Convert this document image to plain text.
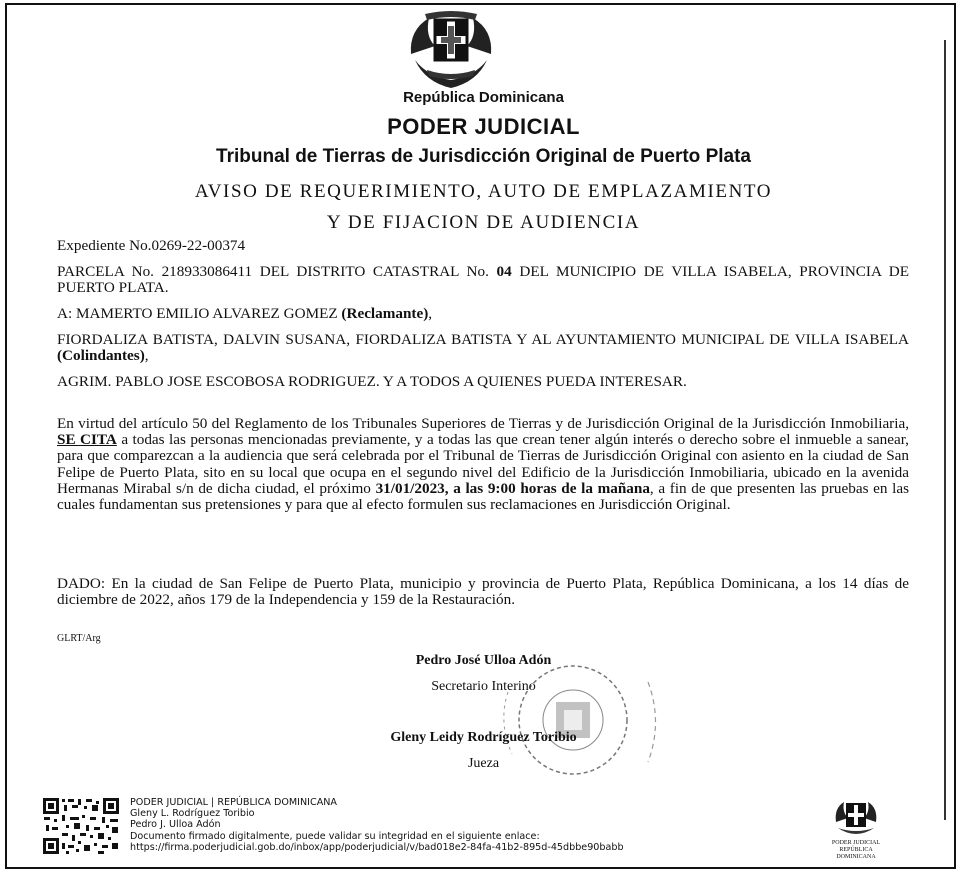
República Dominicana
PODER JUDICIAL
Tribunal de Tierras de Jurisdicción Original de Puerto Plata
AVISO DE REQUERIMIENTO, AUTO DE EMPLAZAMIENTO
Y DE FIJACION DE AUDIENCIA
Expediente No.0269-22-00374
PARCELA No. 218933086411 DEL DISTRITO CATASTRAL No. 04 DEL MUNICIPIO DE VILLA ISABELA, PROVINCIA DE PUERTO PLATA.
A: MAMERTO EMILIO ALVAREZ GOMEZ (Reclamante),
FIORDALIZA BATISTA, DALVIN SUSANA, FIORDALIZA BATISTA Y AL AYUNTAMIENTO MUNICIPAL DE VILLA ISABELA (Colindantes),
AGRIM. PABLO JOSE ESCOBOSA RODRIGUEZ. Y A TODOS A QUIENES PUEDA INTERESAR.
En virtud del artículo 50 del Reglamento de los Tribunales Superiores de Tierras y de Jurisdicción Original de la Jurisdicción Inmobiliaria, SE CITA a todas las personas mencionadas previamente, y a todas las que crean tener algún interés o derecho sobre el inmueble a sanear, para que comparezcan a la audiencia que será celebrada por el Tribunal de Tierras de Jurisdicción Original con asiento en la ciudad de San Felipe de Puerto Plata, sito en su local que ocupa en el segundo nivel del Edificio de la Jurisdicción Inmobiliaria, ubicado en la avenida Hermanas Mirabal s/n de dicha ciudad, el próximo 31/01/2023, a las 9:00 horas de la mañana, a fin de que presenten las pruebas en las cuales fundamentan sus pretensiones y para que al efecto formulen sus reclamaciones en Jurisdicción Original.
DADO: En la ciudad de San Felipe de Puerto Plata, municipio y provincia de Puerto Plata, República Dominicana, a los 14 días de diciembre de 2022, años 179 de la Independencia y 159 de la Restauración.
GLRT/Arg
Pedro José Ulloa Adón
Secretario Interino
Gleny Leidy Rodríguez Toribio
Jueza
PODER JUDICIAL | REPÚBLICA DOMINICANA
Gleny L. Rodríguez Toribio
Pedro J. Ulloa Adón
Documento firmado digitalmente, puede validar su integridad en el siguiente enlace:
https://firma.poderjudicial.gob.do/inbox/app/poderjudicial/v/bad018e2-84fa-41b2-895d-45dbbe90babb	PODER JUDICIAL REPÚBLICA DOMINICANA
